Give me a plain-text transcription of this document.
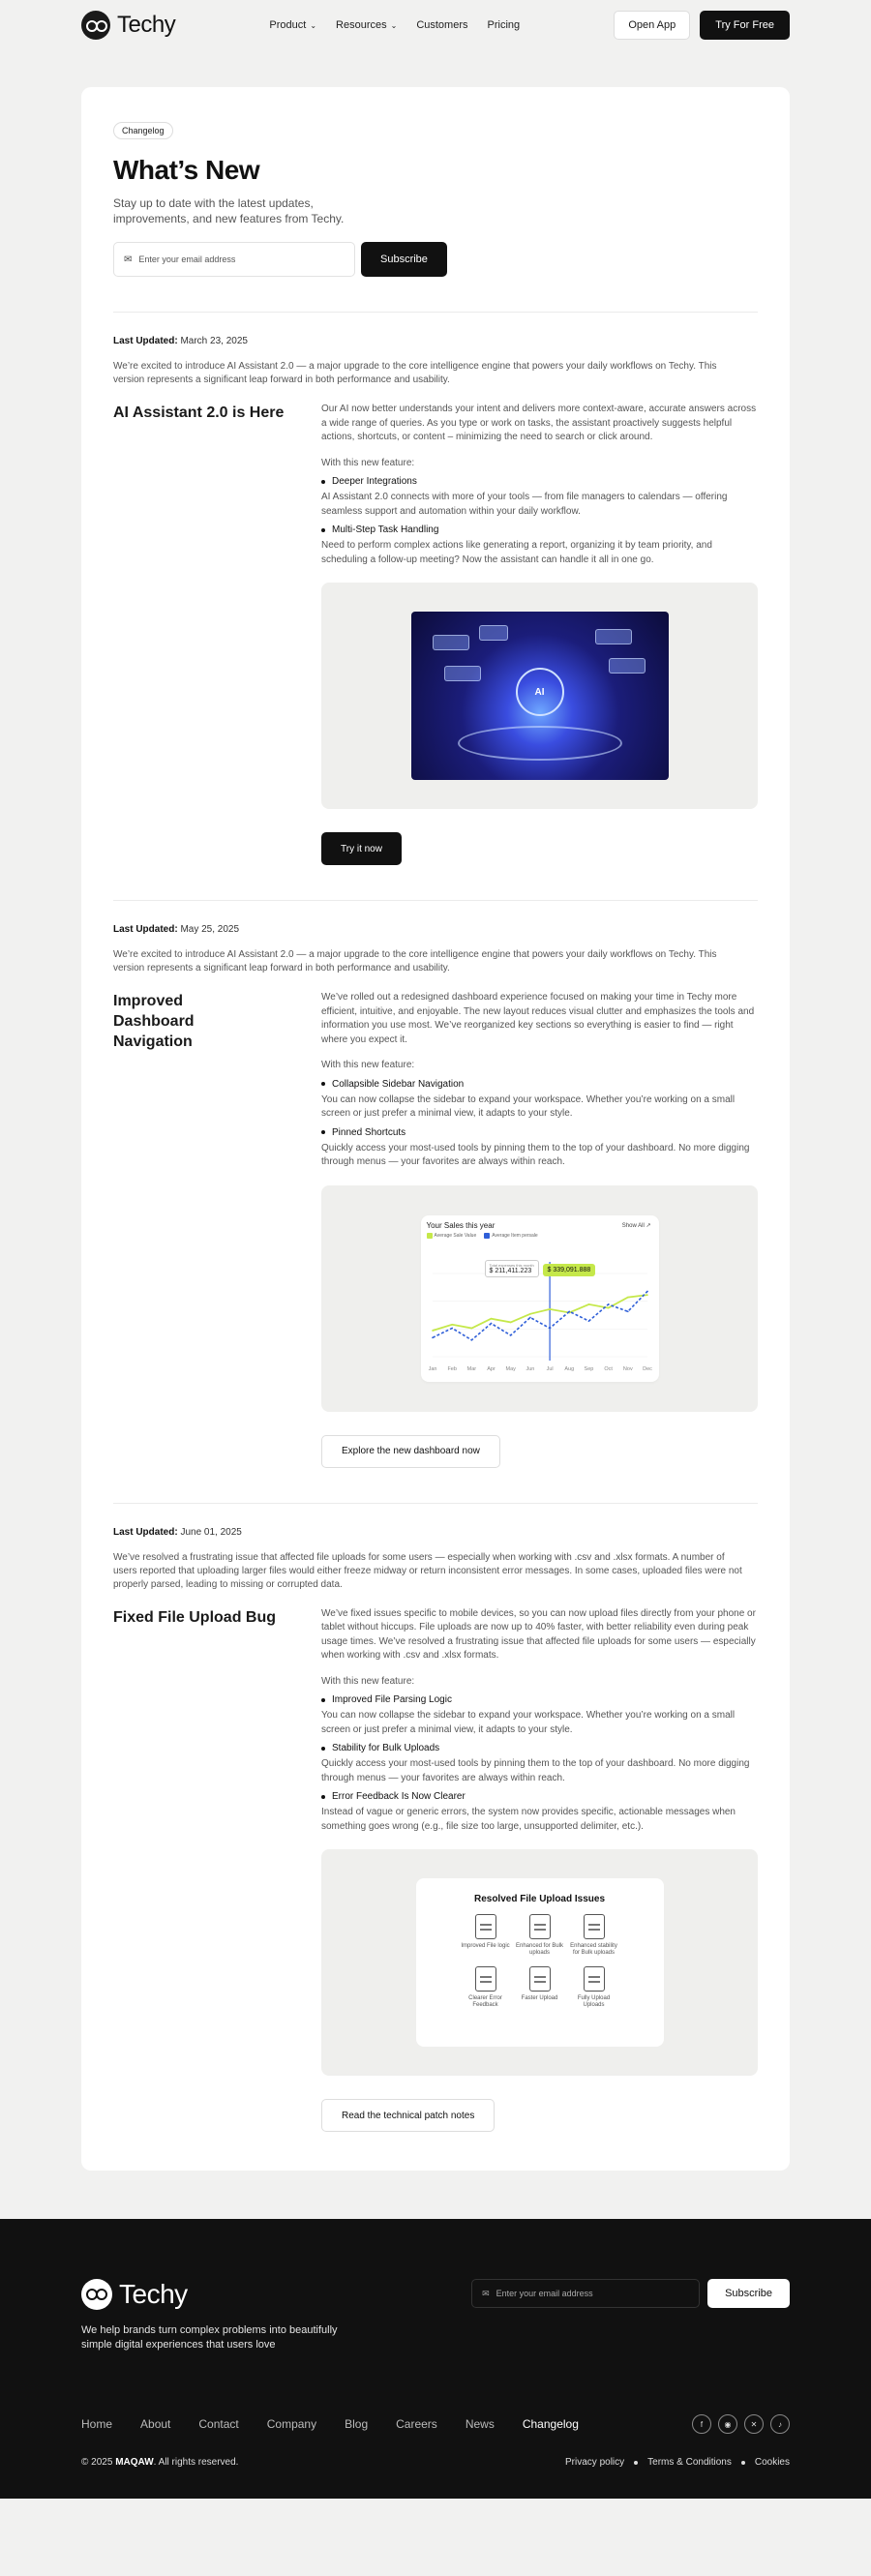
Techy	Product ⌄ Resources ⌄ Customers Pricing	Open App	Try For Free
Changelog
What’s New

Stay up to date with the latest updates, improvements, and new features from Techy.

✉ Enter your email address	Subscribe
Last Updated: March 23, 2025

We’re excited to introduce AI Assistant 2.0 — a major upgrade to the core intelligence engine that powers your daily workflows on Techy. This version represents a significant leap forward in both performance and usability.

AI Assistant 2.0 is Here	Our AI now better understands your intent and delivers more context-aware, accurate answers across a wide range of queries. As you type or work on tasks, the assistant proactively suggests helpful actions, shortcuts, or content – minimizing the need to search or click around.

With this new feature:

Deeper Integrations

AI Assistant 2.0 connects with more of your tools — from file managers to calendars — offering seamless support and automation within your daily workflow.

Multi-Step Task Handling

Need to perform complex actions like generating a report, organizing it by team priority, and scheduling a follow-up meeting? Now the assistant can handle it all in one go.

AI
Try it now
Last Updated: May 25, 2025

We’re excited to introduce AI Assistant 2.0 — a major upgrade to the core intelligence engine that powers your daily workflows on Techy. This version represents a significant leap forward in both performance and usability.

Improved Dashboard Navigation

We’ve rolled out a redesigned dashboard experience focused on making your time in Techy more efficient, intuitive, and enjoyable. The new layout reduces visual clutter and emphasizes the tools and information you use most. We’ve reorganized key sections so everything is easier to find — right where you expect it.

With this new feature:

Collapsible Sidebar Navigation

You can now collapse the sidebar to expand your workspace. Whether you’re working on a small screen or just prefer a minimal view, it adapts to your style.

Pinned Shortcuts

Quickly access your most-used tools by pinning them to the top of your dashboard. No more digging through menus — your favorites are always within reach.

Your Sales this year	Show All ↗
Average Sale Value	Average Item persale
Jan Feb Mar Apr May Jun Jul Aug Sep Oct Nov Dec
Total expenses this month
$ 211,411.223	$ 339,091.888
Explore the new dashboard now
Last Updated: June 01, 2025

We’ve resolved a frustrating issue that affected file uploads for some users — especially when working with .csv and .xlsx formats. A number of users reported that uploading larger files would either freeze midway or return inconsistent error messages. In some cases, uploaded files were not properly parsed, leading to missing or corrupted data.

Fixed File Upload Bug	We’ve fixed issues specific to mobile devices, so you can now upload files directly from your phone or tablet without hiccups. File uploads are now up to 40% faster, with better reliability even during peak usage times. We’ve resolved a frustrating issue that affected file uploads for some users — especially when working with .csv and .xlsx formats.

With this new feature:

Improved File Parsing Logic

You can now collapse the sidebar to expand your workspace. Whether you’re working on a small screen or just prefer a minimal view, it adapts to your style.

Stability for Bulk Uploads

Quickly access your most-used tools by pinning them to the top of your dashboard. No more digging through menus — your favorites are always within reach.

Error Feedback Is Now Clearer

Instead of vague or generic errors, the system now provides specific, actionable messages when something goes wrong (e.g., file size too large, unsupported delimiter, etc.).

Resolved File Upload Issues
Improved File logic	Enhanced for Bulk uploads
Enhanced stability for Bulk uploads
Clearer Error Feedback
Faster Upload	Fully Upload Uploads
Read the technical patch notes
Techy

We help brands turn complex problems into beautifully simple digital experiences that users love

✉ Enter your email address	Subscribe
Home About Contact Company Blog Careers News Changelog	f	◉	✕	♪
© 2025 MAQAW. All rights reserved.	Privacy policy Terms & Conditions Cookies
